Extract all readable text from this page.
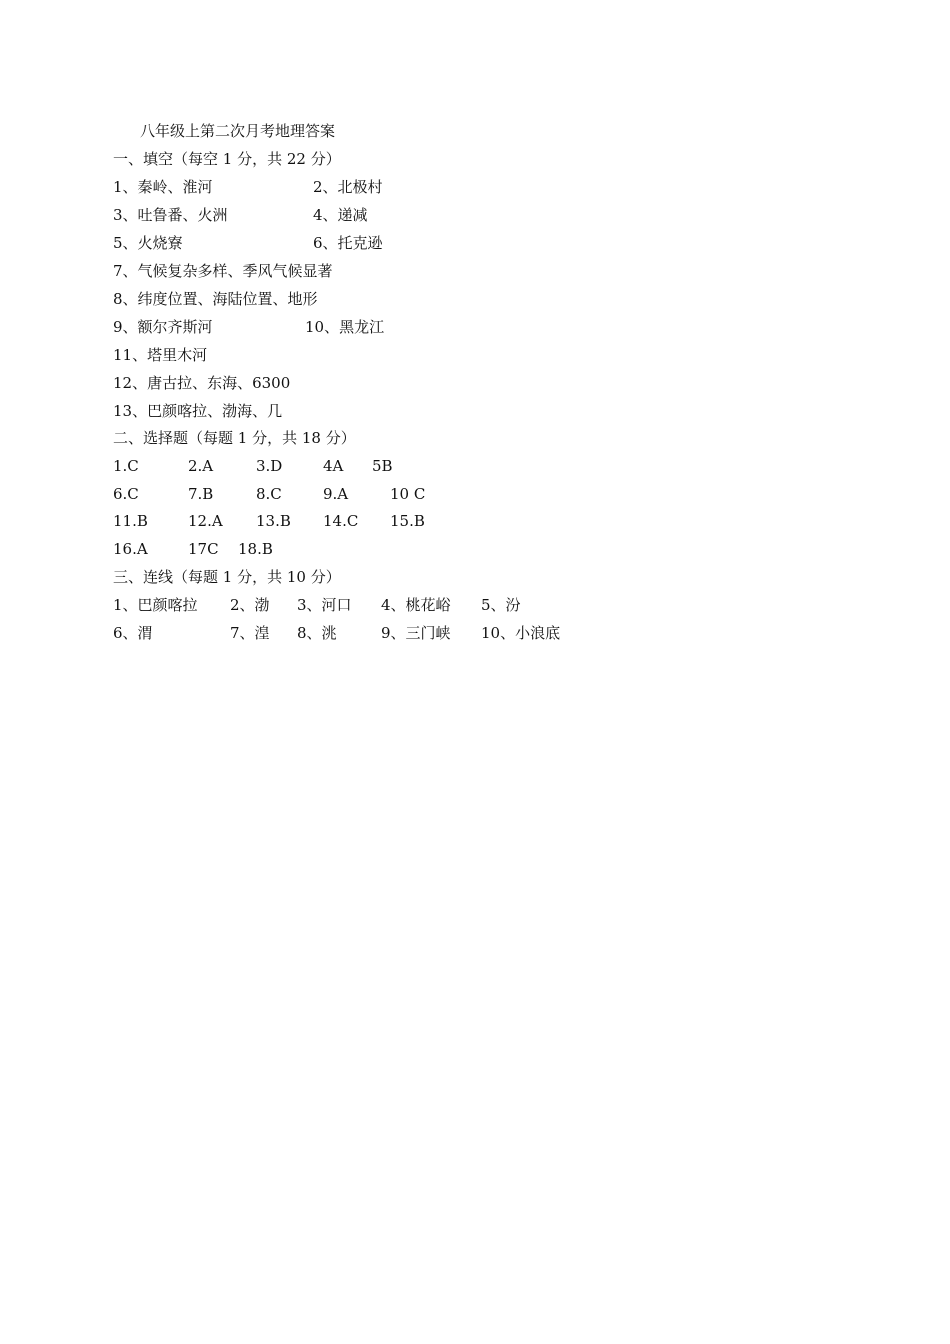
八年级上第二次月考地理答案
一、填空（每空 1 分，共 22 分）
1、秦岭、淮河	2、北极村
3、吐鲁番、火洲	4、递减
5、火烧寮	6、托克逊
7、气候复杂多样、季风气候显著
8、纬度位置、海陆位置、地形
9、额尔齐斯河	10、黑龙江
11、塔里木河
12、唐古拉、东海、6300
13、巴颜喀拉、渤海、几
二、选择题（每题 1 分，共 18 分）
1.C	2.A	3.D	4A 5B
6.C	7.B	8.C	9.A	10 C
11.B	12.A 13.B 14.C 15.B
16.A	17C 18.B
三、连线（每题 1 分，共 10 分）
1、巴颜喀拉 2、渤 3、河口 4、桃花峪 5、汾
6、渭	7、湟 8、洮	9、三门峡 10、小浪底
